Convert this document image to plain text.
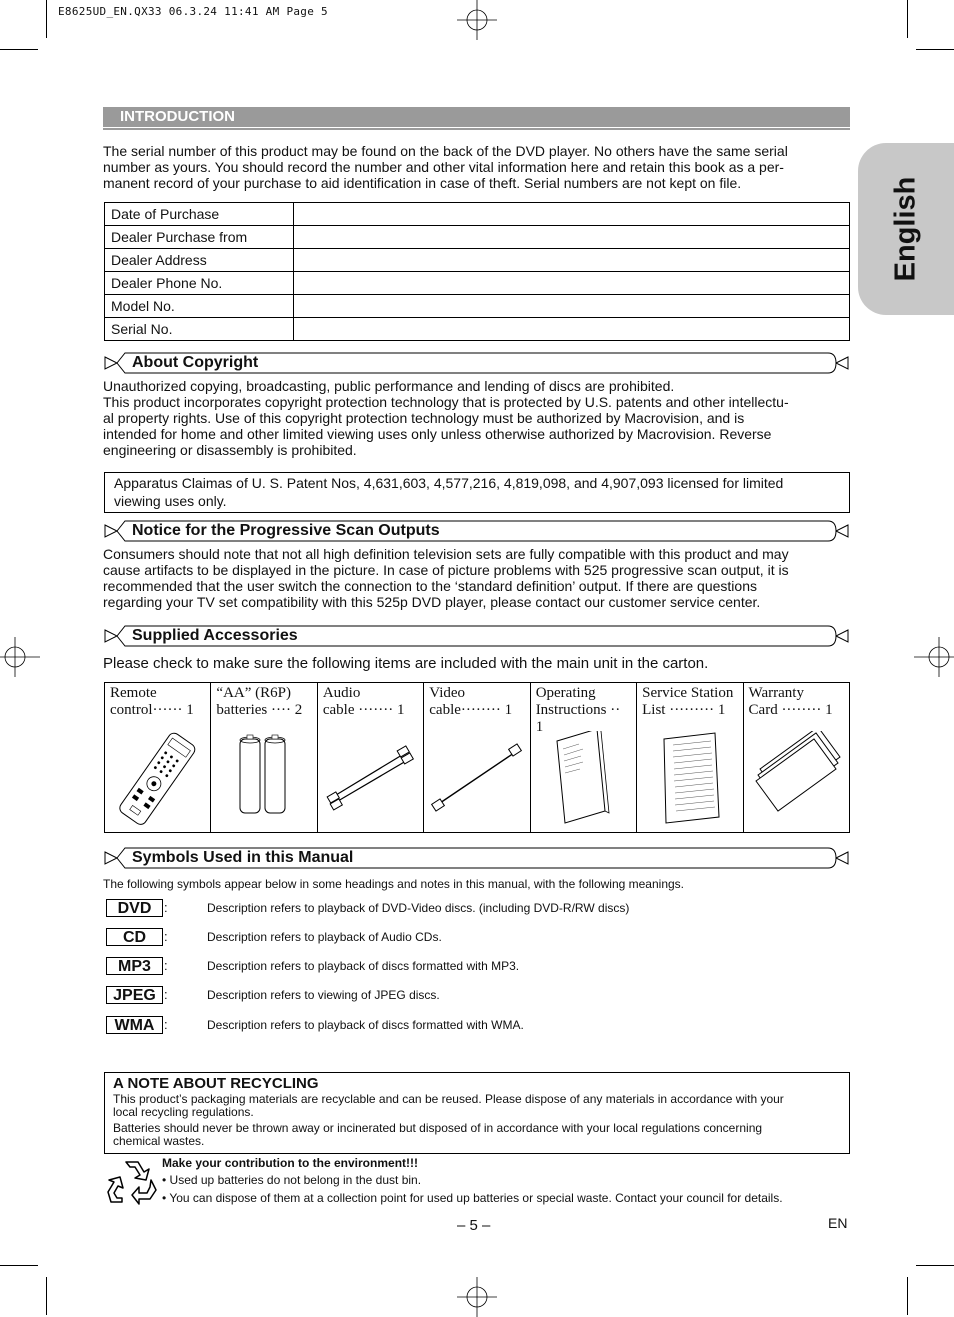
E8625UD_EN.QX33 06.3.24 11:41 AM Page 5
English
INTRODUCTION

The serial number of this product may be found on the back of the DVD player. No others have the same serial

number as yours. You should record the number and other vital information here and retain this book as a per-

manent record of your purchase to aid identification in case of theft. Serial numbers are not kept on file.

Date of Purchase	
Dealer Purchase from	
Dealer Address	
Dealer Phone No.	
Model No.	
Serial No.	
About Copyright

Unauthorized copying, broadcasting, public performance and lending of discs are prohibited.

This product incorporates copyright protection technology that is protected by U.S. patents and other intellectu-

al property rights. Use of this copyright protection technology must be authorized by Macrovision, and is

intended for home and other limited viewing uses only unless otherwise authorized by Macrovision. Reverse

engineering or disassembly is prohibited.

Apparatus Claimas of U. S. Patent Nos, 4,631,603, 4,577,216, 4,819,098, and 4,907,093 licensed for limited

viewing uses only.

Notice for the Progressive Scan Outputs

Consumers should note that not all high definition television sets are fully compatible with this product and may

cause artifacts to be displayed in the picture. In case of picture problems with 525 progressive scan output, it is

recommended that the user switch the connection to the ‘standard definition’ output. If there are questions

regarding your TV set compatibility with this 525p DVD player, please contact our customer service center.

Supplied Accessories
Please check to make sure the following items are included with the main unit in the carton.
Remote
control······ 1
“AA” (R6P)
batteries ···· 2
Audio
cable ······· 1
Video
cable········ 1
Operating
Instructions ·· 1
Service Station
List ········· 1
Warranty
Card ········ 1
Symbols Used in this Manual
The following symbols appear below in some headings and notes in this manual, with the following meanings.
DVD :	Description refers to playback of DVD-Video discs. (including DVD-R/RW discs)
CD	:	Description refers to playback of Audio CDs.
MP3	:	Description refers to playback of discs formatted with MP3.
JPEG :	Description refers to viewing of JPEG discs.
WMA :	Description refers to playback of discs formatted with WMA.
A NOTE ABOUT RECYCLING

This product’s packaging materials are recyclable and can be reused. Please dispose of any materials in accordance with your

local recycling regulations.

Batteries should never be thrown away or incinerated but disposed of in accordance with your local regulations concerning

chemical wastes.

Make your contribution to the environment!!!
• Used up batteries do not belong in the dust bin.
• You can dispose of them at a collection point for used up batteries or special waste. Contact your council for details.
– 5 –	EN
